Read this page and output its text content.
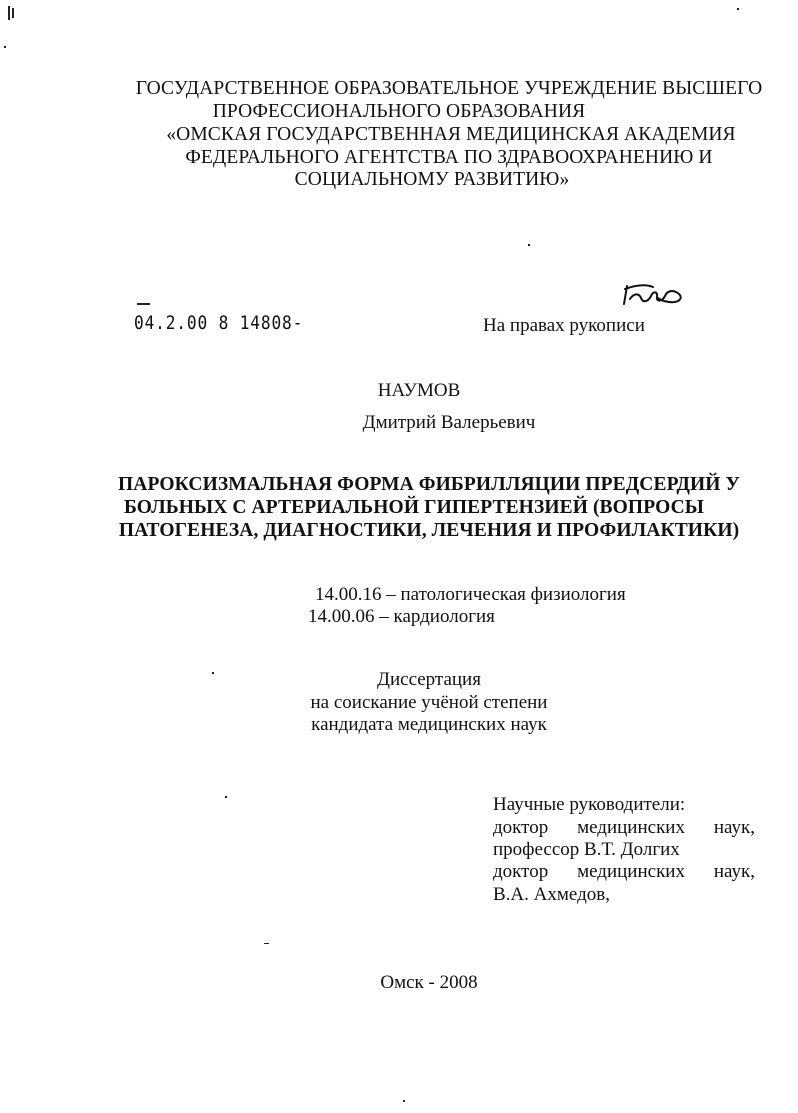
ГОСУДАРСТВЕННОЕ ОБРАЗОВАТЕЛЬНОЕ УЧРЕЖДЕНИЕ ВЫСШЕГО
ПРОФЕССИОНАЛЬНОГО ОБРАЗОВАНИЯ
«ОМСКАЯ ГОСУДАРСТВЕННАЯ МЕДИЦИНСКАЯ АКАДЕМИЯ
ФЕДЕРАЛЬНОГО АГЕНТСТВА ПО ЗДРАВООХРАНЕНИЮ И
СОЦИАЛЬНОМУ РАЗВИТИЮ»
04.2.00 8 14808-	На правах рукописи
НАУМОВ
Дмитрий Валерьевич
ПАРОКСИЗМАЛЬНАЯ ФОРМА ФИБРИЛЛЯЦИИ ПРЕДСЕРДИЙ У
БОЛЬНЫХ С АРТЕРИАЛЬНОЙ ГИПЕРТЕНЗИЕЙ (ВОПРОСЫ
ПАТОГЕНЕЗА, ДИАГНОСТИКИ, ЛЕЧЕНИЯ И ПРОФИЛАКТИКИ)
14.00.16 – патологическая физиология
14.00.06 – кардиология
Диссертация
на соискание учёной степени
кандидата медицинских наук
Научные руководители:
доктор медицинских наук,
профессор В.Т. Долгих
доктор медицинских наук,
В.А. Ахмедов,
Омск - 2008
